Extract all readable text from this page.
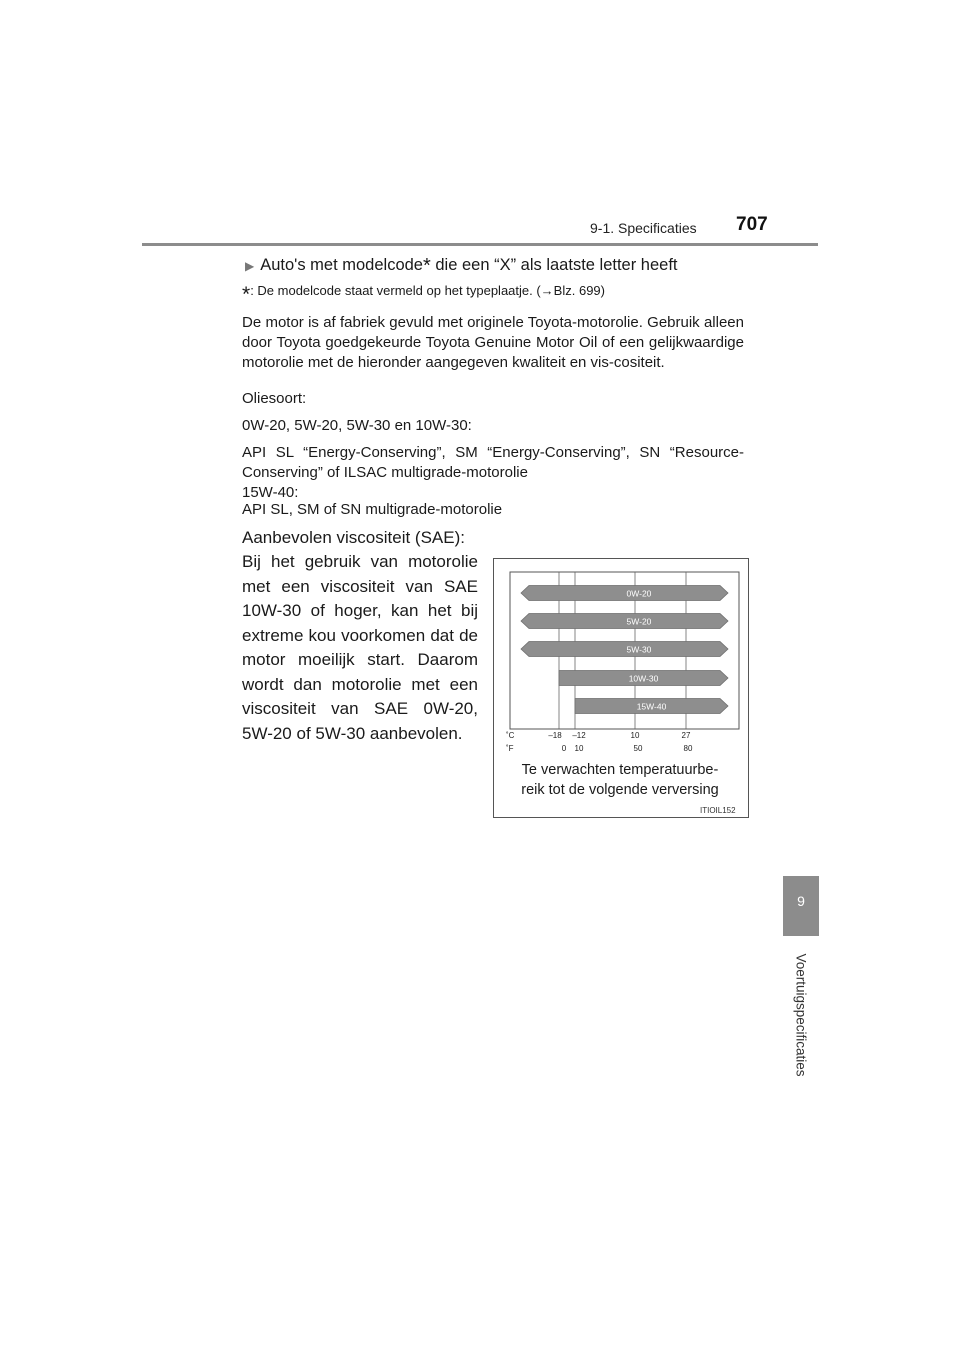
9-1. Specificaties 707
9
Voertuigspecificaties
▶ Auto's met modelcode* die een “X” als laatste letter heeft
*: De modelcode staat vermeld op het typeplaatje. (→Blz. 699)
De motor is af fabriek gevuld met originele Toyota-motorolie. Gebruik alleen door Toyota goedgekeurde Toyota Genuine Motor Oil of een gelijkwaardige motorolie met de hieronder aangegeven kwaliteit en vis-cositeit.
Oliesoort:
0W-20, 5W-20, 5W-30 en 10W-30:
API SL “Energy-Conserving”, SM “Energy-Conserving”, SN “Resource-Conserving” of ILSAC multigrade-motorolie
15W-40:
API SL, SM of SN multigrade-motorolie
Aanbevolen viscositeit (SAE):
Bij het gebruik van motorolie met een viscositeit van SAE 10W-30 of hoger, kan het bij extreme kou voorkomen dat de motor moeilijk start. Daarom wordt dan motorolie met een viscositeit van SAE 0W-20, 5W-20 of 5W-30 aanbevolen.
0W-20
5W-20
5W-30
10W-30
15W-40
˚C
˚F
–18 –12	10	27
0 10	50	80
Te verwachten temperatuurbe-reik tot de volgende verversing
ITIOIL152
